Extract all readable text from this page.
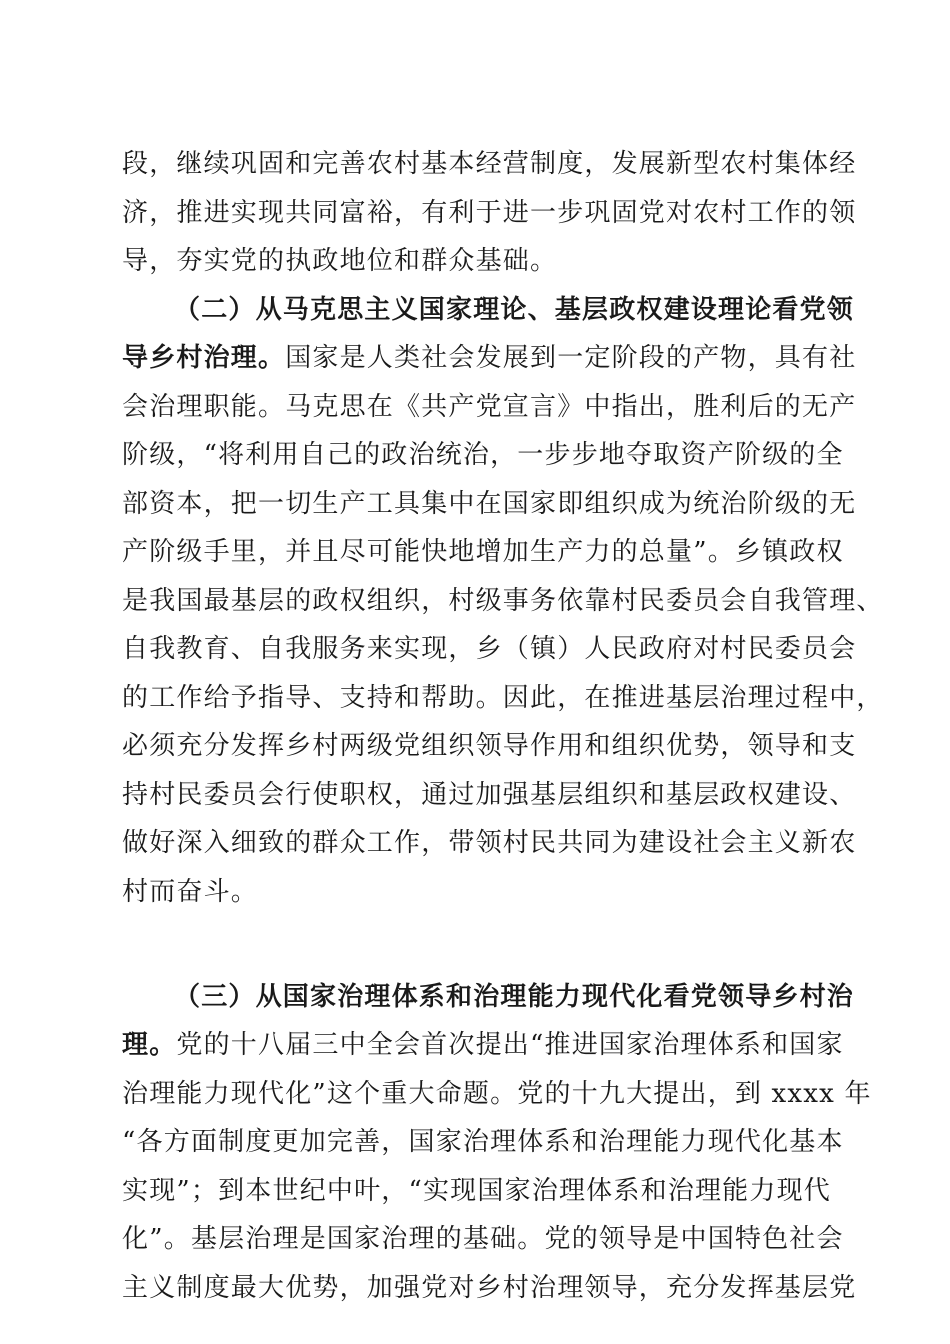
段，继续巩固和完善农村基本经营制度，发展新型农村集体经
济，推进实现共同富裕，有利于进一步巩固党对农村工作的领
导，夯实党的执政地位和群众基础。
（二）从马克思主义国家理论、基层政权建设理论看党领
导乡村治理。国家是人类社会发展到一定阶段的产物，具有社
会治理职能。马克思在《共产党宣言》中指出，胜利后的无产
阶级，“将利用自己的政治统治，一步步地夺取资产阶级的全
部资本，把一切生产工具集中在国家即组织成为统治阶级的无
产阶级手里，并且尽可能快地增加生产力的总量”。乡镇政权
是我国最基层的政权组织，村级事务依靠村民委员会自我管理、
自我教育、自我服务来实现，乡（镇）人民政府对村民委员会
的工作给予指导、支持和帮助。因此，在推进基层治理过程中，
必须充分发挥乡村两级党组织领导作用和组织优势，领导和支
持村民委员会行使职权，通过加强基层组织和基层政权建设、
做好深入细致的群众工作，带领村民共同为建设社会主义新农
村而奋斗。
（三）从国家治理体系和治理能力现代化看党领导乡村治
理。党的十八届三中全会首次提出“推进国家治理体系和国家
治理能力现代化”这个重大命题。党的十九大提出，到 xxxx 年
“各方面制度更加完善，国家治理体系和治理能力现代化基本
实现”；到本世纪中叶，“实现国家治理体系和治理能力现代
化”。基层治理是国家治理的基础。党的领导是中国特色社会
主义制度最大优势，加强党对乡村治理领导，充分发挥基层党
